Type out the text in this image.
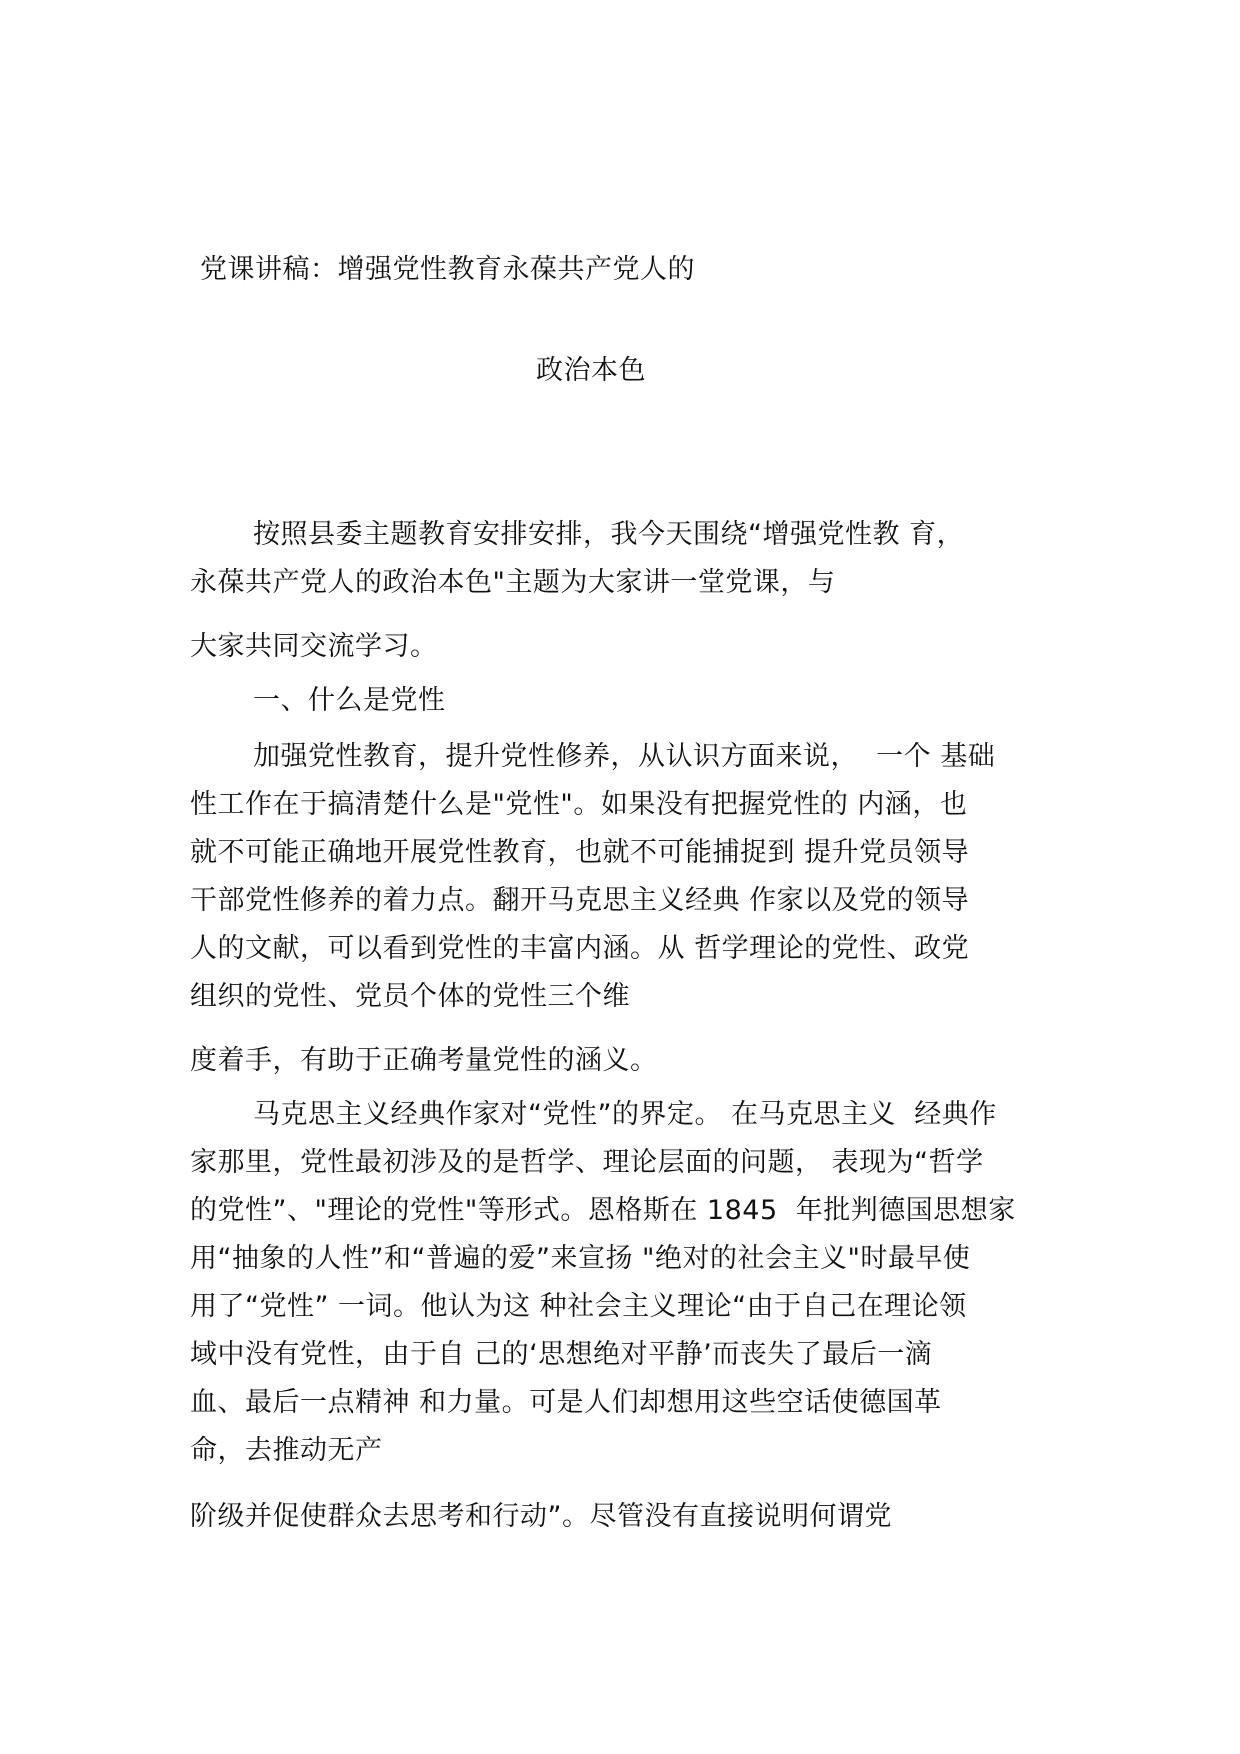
党课讲稿：增强党性教育永葆共产党人的
政治本色
按照县委主题教育安排安排，我今天围绕“增强党性教 育，
永葆共产党人的政治本色"主题为大家讲一堂党课，与
大家共同交流学习。
一、什么是党性
加强党性教育，提升党性修养，从认识方面来说，  一个 基础
性工作在于搞清楚什么是"党性"。如果没有把握党性的 内涵，也
就不可能正确地开展党性教育，也就不可能捕捉到 提升党员领导
干部党性修养的着力点。翻开马克思主义经典 作家以及党的领导
人的文献，可以看到党性的丰富内涵。从 哲学理论的党性、政党
组织的党性、党员个体的党性三个维
度着手，有助于正确考量党性的涵义。
马克思主义经典作家对“党性”的界定。 在马克思主义  经典作
家那里，党性最初涉及的是哲学、理论层面的问题， 表现为“哲学
的党性”、"理论的党性"等形式。恩格斯在 1845  年批判德国思想家
用“抽象的人性”和“普遍的爱”来宣扬 "绝对的社会主义"时最早使
用了“党性” 一词。他认为这 种社会主义理论“由于自己在理论领
域中没有党性，由于自 己的‘思想绝对平静’而丧失了最后一滴
血、最后一点精神 和力量。可是人们却想用这些空话使德国革
命，去推动无产
阶级并促使群众去思考和行动”。尽管没有直接说明何谓党
